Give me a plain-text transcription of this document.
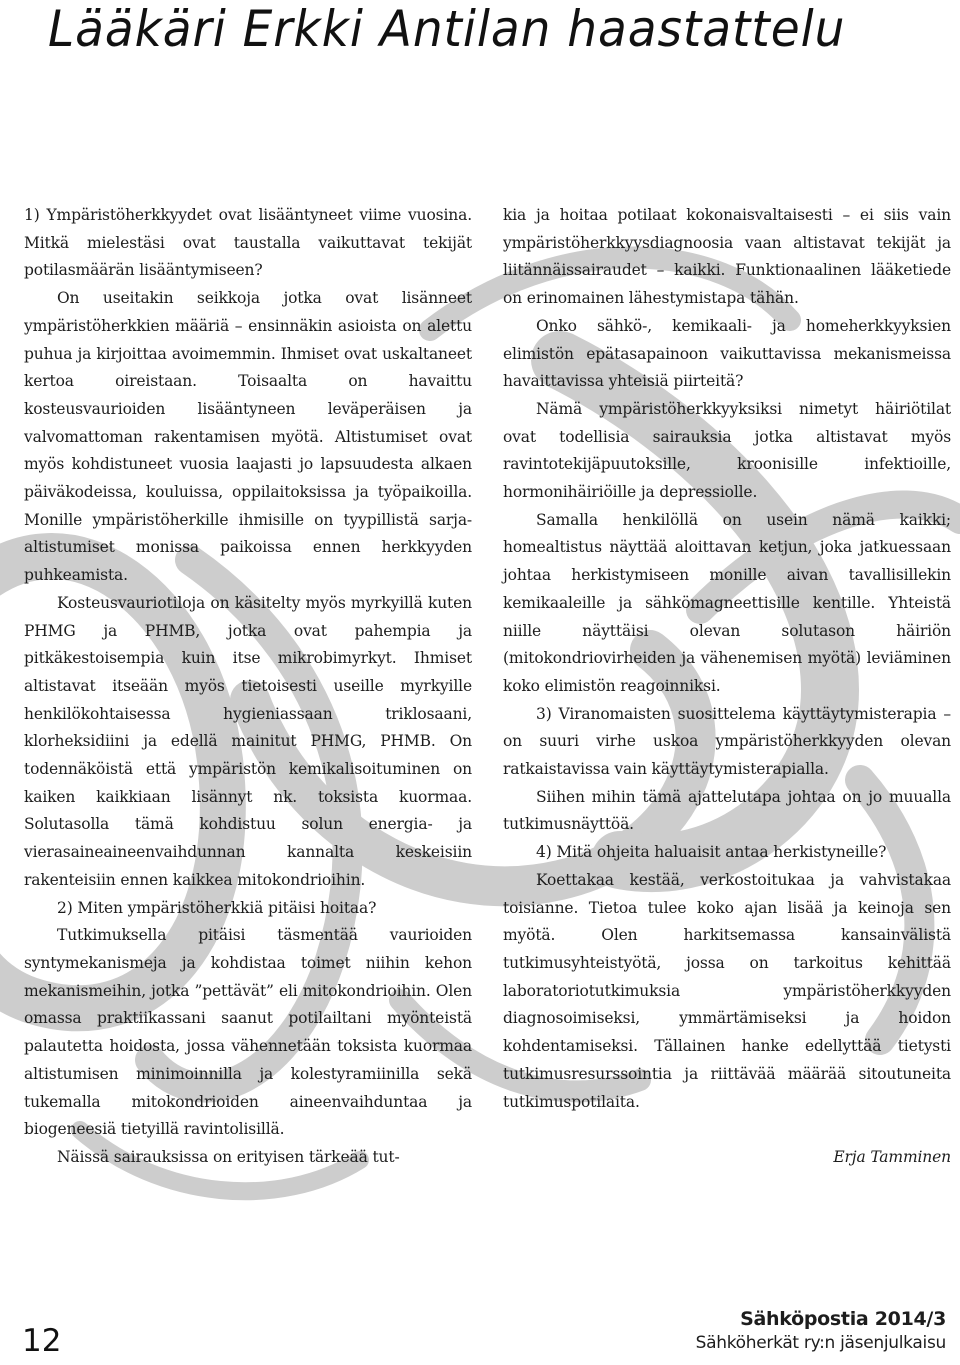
Lääkäri Erkki Antilan haastattelu

1) Ympäristöherkkyydet ovat lisääntyneet viime vuosina. Mitkä mielestäsi ovat taustalla vaikuttavat tekijät potilasmäärän lisääntymiseen?

On useitakin seikkoja jotka ovat lisänneet ympäristöherkkien määriä – ensinnäkin asioista on alettu puhua ja kirjoittaa avoimemmin. Ihmiset ovat uskaltaneet kertoa oireistaan. Toisaalta on havaittu kosteusvaurioiden lisääntyneen leväperäisen ja valvomattoman rakentamisen myötä. Altistumiset ovat myös kohdistuneet vuosia laajasti jo lapsuudesta alkaen päiväkodeissa, kouluissa, oppilaitoksissa ja työpaikoilla. Monille ympäristöherkille ihmisille on tyypillistä sarja-altistumiset monissa paikoissa ennen herkkyyden puhkeamista.

Kosteusvauriotiloja on käsitelty myös myrkyillä kuten PHMG ja PHMB, jotka ovat pahempia ja pitkäkestoisempia kuin itse mikrobimyrkyt. Ihmiset altistavat itseään myös tietoisesti useille myrkyille henkilökohtaisessa hygieniassaan triklosaani, klorheksidiini ja edellä mainitut PHMG, PHMB. On todennäköistä että ympäristön kemikalisoituminen on kaiken kaikkiaan lisännyt nk. toksista kuormaa. Solutasolla tämä kohdistuu solun energia- ja vierasaineaineenvaihdunnan kannalta keskeisiin rakenteisiin ennen kaikkea mitokondrioihin.

2) Miten ympäristöherkkiä pitäisi hoitaa?

Tutkimuksella pitäisi täsmentää vaurioiden syntymekanismeja ja kohdistaa toimet niihin kehon mekanismeihin, jotka ”pettävät” eli mitokondrioihin. Olen omassa praktiikassani saanut potilailtani myönteistä palautetta hoidosta, jossa vähennetään toksista kuormaa altistumisen minimoinnilla ja kolestyramiinilla sekä tukemalla mitokondrioiden aineenvaihduntaa ja biogeneesiä tietyillä ravintolisillä.

Näissä sairauksissa on erityisen tärkeää tut-

kia ja hoitaa potilaat kokonaisvaltaisesti – ei siis vain ympäristöherkkyysdiagnoosia vaan altistavat tekijät ja liitännäissairaudet – kaikki. Funktionaalinen lääketiede on erinomainen lähestymistapa tähän.

Onko sähkö-, kemikaali- ja homeherkkyyksien elimistön epätasapainoon vaikuttavissa mekanismeissa havaittavissa yhteisiä piirteitä?

Nämä ympäristöherkkyyksiksi nimetyt häiriötilat ovat todellisia sairauksia jotka altistavat myös ravintotekijäpuutoksille, kroonisille infektioille, hormonihäiriöille ja depressiolle.

Samalla henkilöllä on usein nämä kaikki; homealtistus näyttää aloittavan ketjun, joka jatkuessaan johtaa herkistymiseen monille aivan tavallisillekin kemikaaleille ja sähkömagneettisille kentille. Yhteistä niille näyttäisi olevan solutason häiriön (mitokondriovirheiden ja vähenemisen myötä) leviäminen koko elimistön reagoinniksi.

3) Viranomaisten suosittelema käyttäytymisterapia – on suuri virhe uskoa ympäristöherkkyyden olevan ratkaistavissa vain käyttäytymisterapialla.

Siihen mihin tämä ajattelutapa johtaa on jo muualla tutkimusnäyttöä.

4) Mitä ohjeita haluaisit antaa herkistyneille?

Koettakaa kestää, verkostoitukaa ja vahvistakaa toisianne. Tietoa tulee koko ajan lisää ja keinoja sen myötä. Olen harkitsemassa kansainvälistä tutkimusyhteistyötä, jossa on tarkoitus kehittää laboratoriotutkimuksia ympäristöherkkyyden diagnosoimiseksi, ymmärtämiseksi ja hoidon kohdentamiseksi. Tällainen hanke edellyttää tietysti tutkimusresurssointia ja riittävää määrää sitoutuneita tutkimuspotilaita.

Erja Tamminen

12
Sähköpostia 2014/3
Sähköherkät ry:n jäsenjulkaisu
